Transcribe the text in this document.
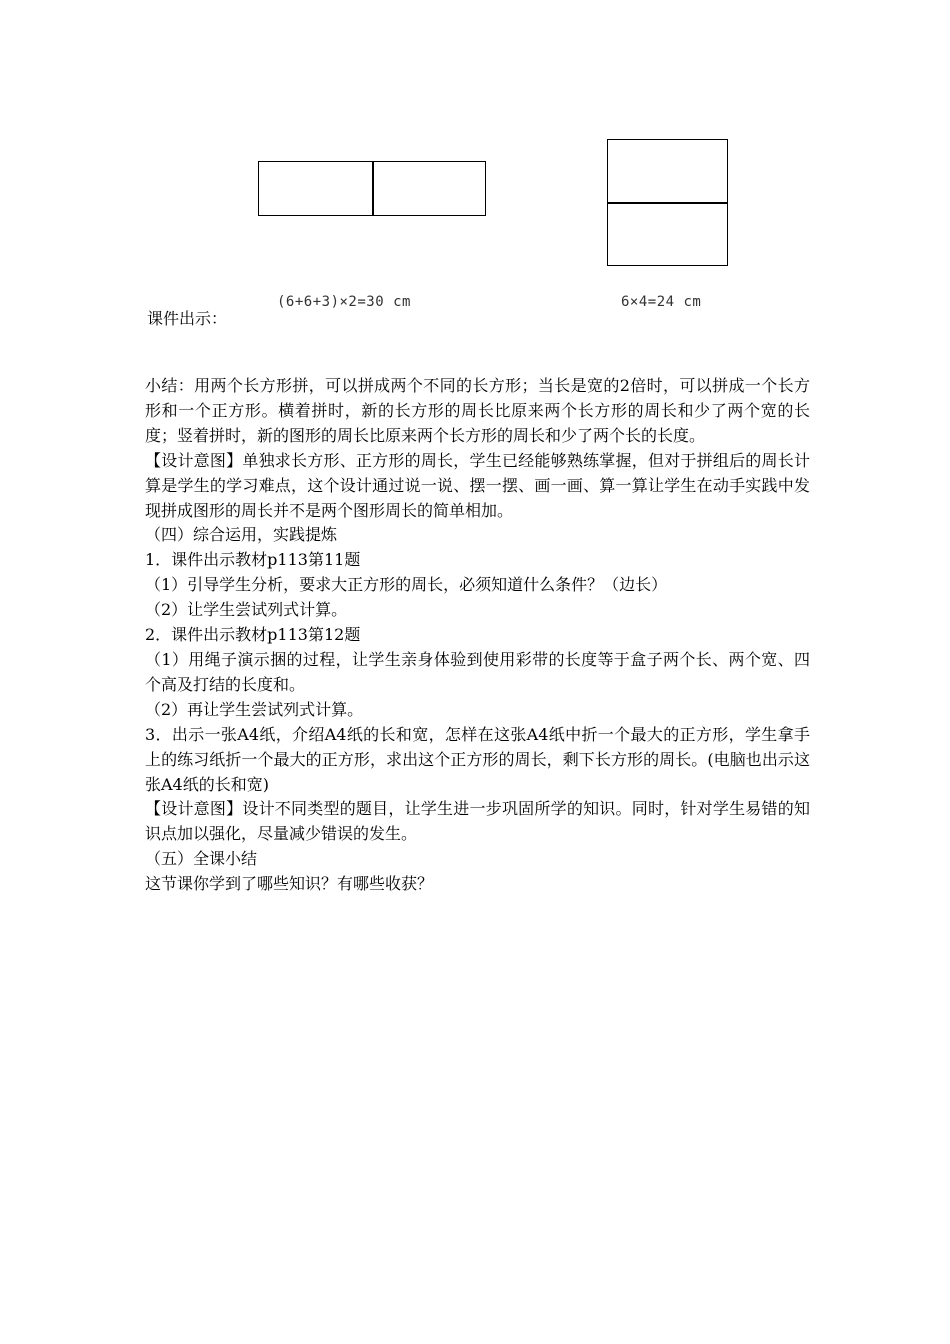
(6+6+3)×2=30 cm	6×4=24 cm
课件出示：

小结：用两个长方形拼，可以拼成两个不同的长方形；当长是宽的2倍时，可以拼成一个长方形和一个正方形。横着拼时，新的长方形的周长比原来两个长方形的周长和少了两个宽的长度；竖着拼时，新的图形的周长比原来两个长方形的周长和少了两个长的长度。

【设计意图】单独求长方形、正方形的周长，学生已经能够熟练掌握，但对于拼组后的周长计算是学生的学习难点，这个设计通过说一说、摆一摆、画一画、算一算让学生在动手实践中发现拼成图形的周长并不是两个图形周长的简单相加。

（四）综合运用，实践提炼

1．课件出示教材p113第11题

（1）引导学生分析，要求大正方形的周长，必须知道什么条件？（边长）

（2）让学生尝试列式计算。

2．课件出示教材p113第12题

（1）用绳子演示捆的过程，让学生亲身体验到使用彩带的长度等于盒子两个长、两个宽、四个高及打结的长度和。

（2）再让学生尝试列式计算。

3．出示一张A4纸，介绍A4纸的长和宽，怎样在这张A4纸中折一个最大的正方形，学生拿手上的练习纸折一个最大的正方形，求出这个正方形的周长，剩下长方形的周长。(电脑也出示这张A4纸的长和宽)

【设计意图】设计不同类型的题目，让学生进一步巩固所学的知识。同时，针对学生易错的知识点加以强化，尽量减少错误的发生。

（五）全课小结

这节课你学到了哪些知识？有哪些收获？
